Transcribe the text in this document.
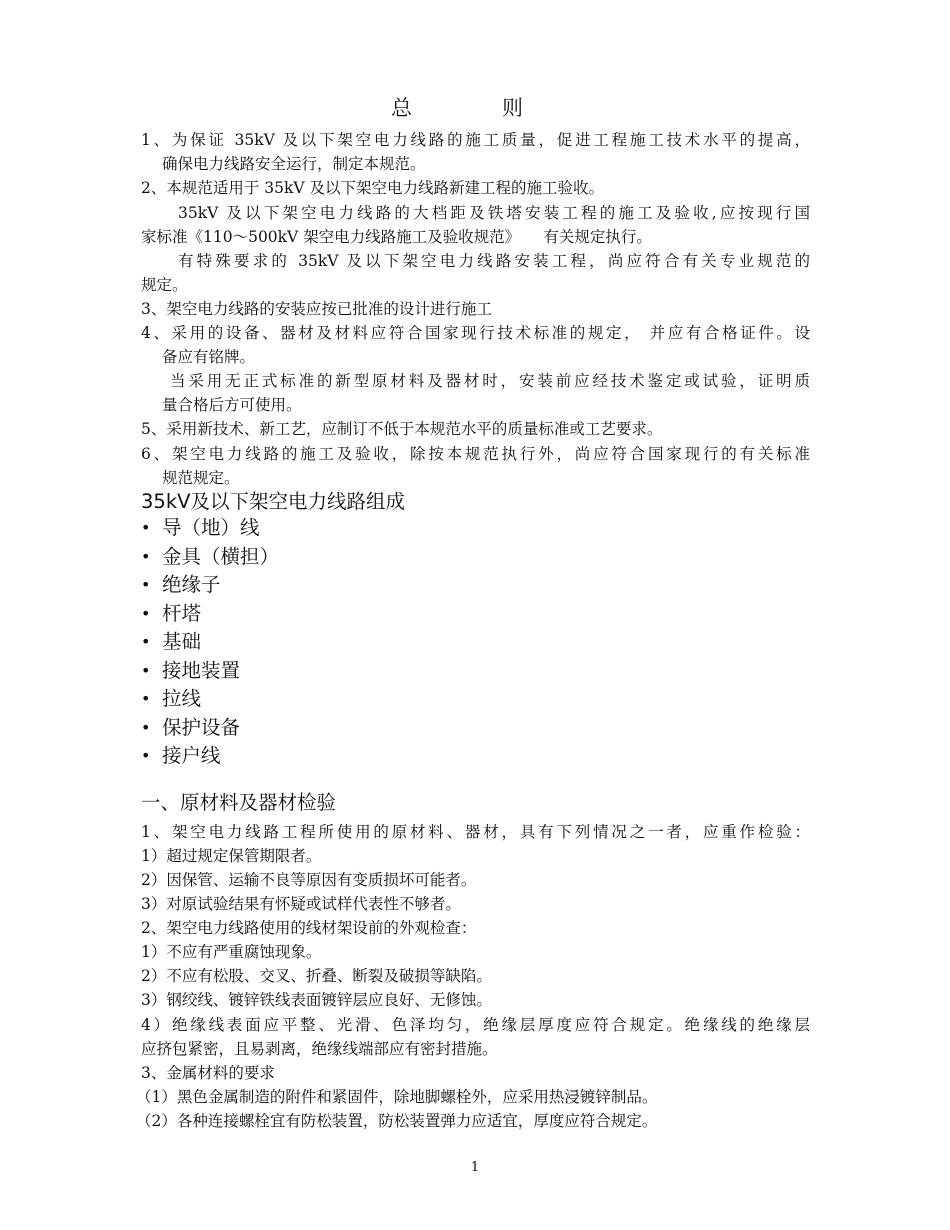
总	则
1、为保证 35kV 及以下架空电力线路的施工质量，促进工程施工技术水平的提高，
确保电力线路安全运行，制定本规范。
2、本规范适用于 35kV 及以下架空电力线路新建工程的施工验收。
35kV 及以下架空电力线路的大档距及铁塔安装工程的施工及验收,应按现行国
家标准《110～500kV 架空电力线路施工及验收规范》　　有关规定执行。
有特殊要求的 35kV 及以下架空电力线路安装工程，尚应符合有关专业规范的
规定。
3、架空电力线路的安装应按已批准的设计进行施工
4、采用的设备、器材及材料应符合国家现行技术标准的规定， 并应有合格证件。设
备应有铭牌。
当采用无正式标准的新型原材料及器材时，安装前应经技术鉴定或试验，证明质
量合格后方可使用。
5、采用新技术、新工艺，应制订不低于本规范水平的质量标准或工艺要求。
6、架空电力线路的施工及验收，除按本规范执行外，尚应符合国家现行的有关标准
规范规定。
35kV及以下架空电力线路组成
• 导（地）线
• 金具（横担）
• 绝缘子
• 杆塔
• 基础
• 接地装置
• 拉线
• 保护设备
• 接户线
一、原材料及器材检验
1、架空电力线路工程所使用的原材料、器材，具有下列情况之一者，应重作检验：
1）超过规定保管期限者。
2）因保管、运输不良等原因有变质损坏可能者。
3）对原试验结果有怀疑或试样代表性不够者。
2、架空电力线路使用的线材架设前的外观检查：
1）不应有严重腐蚀现象。
2）不应有松股、交叉、折叠、断裂及破损等缺陷。
3）钢绞线、镀锌铁线表面镀锌层应良好、无修蚀。
4）绝缘线表面应平整、光滑、色泽均匀，绝缘层厚度应符合规定。绝缘线的绝缘层
应挤包紧密，且易剥离，绝缘线端部应有密封措施。
3、金属材料的要求
（1）黑色金属制造的附件和紧固件，除地脚螺栓外，应采用热浸镀锌制品。
（2）各种连接螺栓宜有防松装置，防松装置弹力应适宜，厚度应符合规定。
1
